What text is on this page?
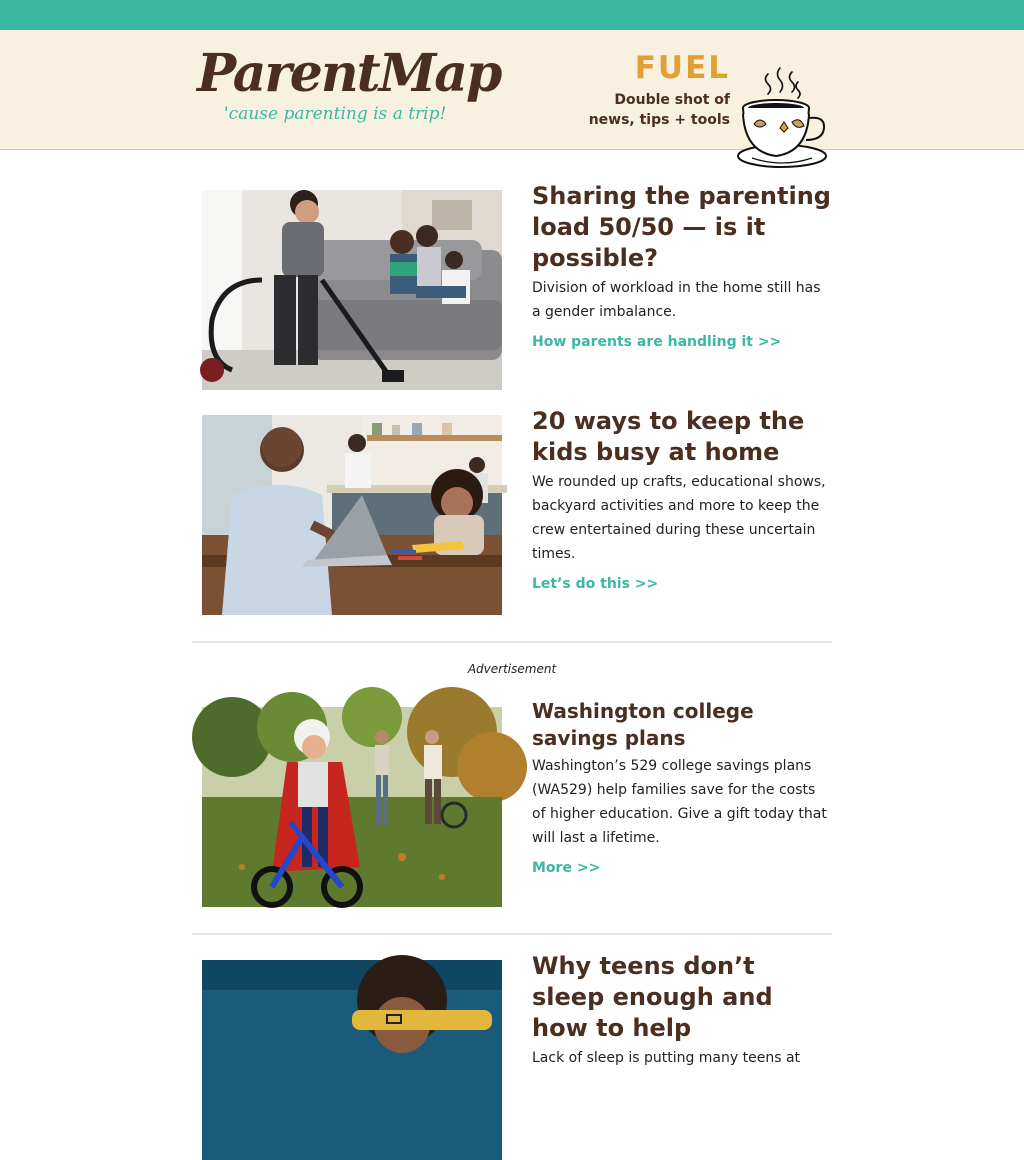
ParentMap
'cause parenting is a trip!
FUEL
Double shot of
news, tips + tools
Sharing the parenting load 50/50 — is it possible?
Division of workload in the home still has a gender imbalance.
How parents are handling it >>
20 ways to keep the kids busy at home
We rounded up crafts, educational shows, backyard activities and more to keep the crew entertained during these uncertain times.
Let’s do this >>
Advertisement
Washington college savings plans
Washington’s 529 college savings plans (WA529) help families save for the costs of higher education. Give a gift today that will last a lifetime.
More >>
Why teens don’t sleep enough and how to help
Lack of sleep is putting many teens at
